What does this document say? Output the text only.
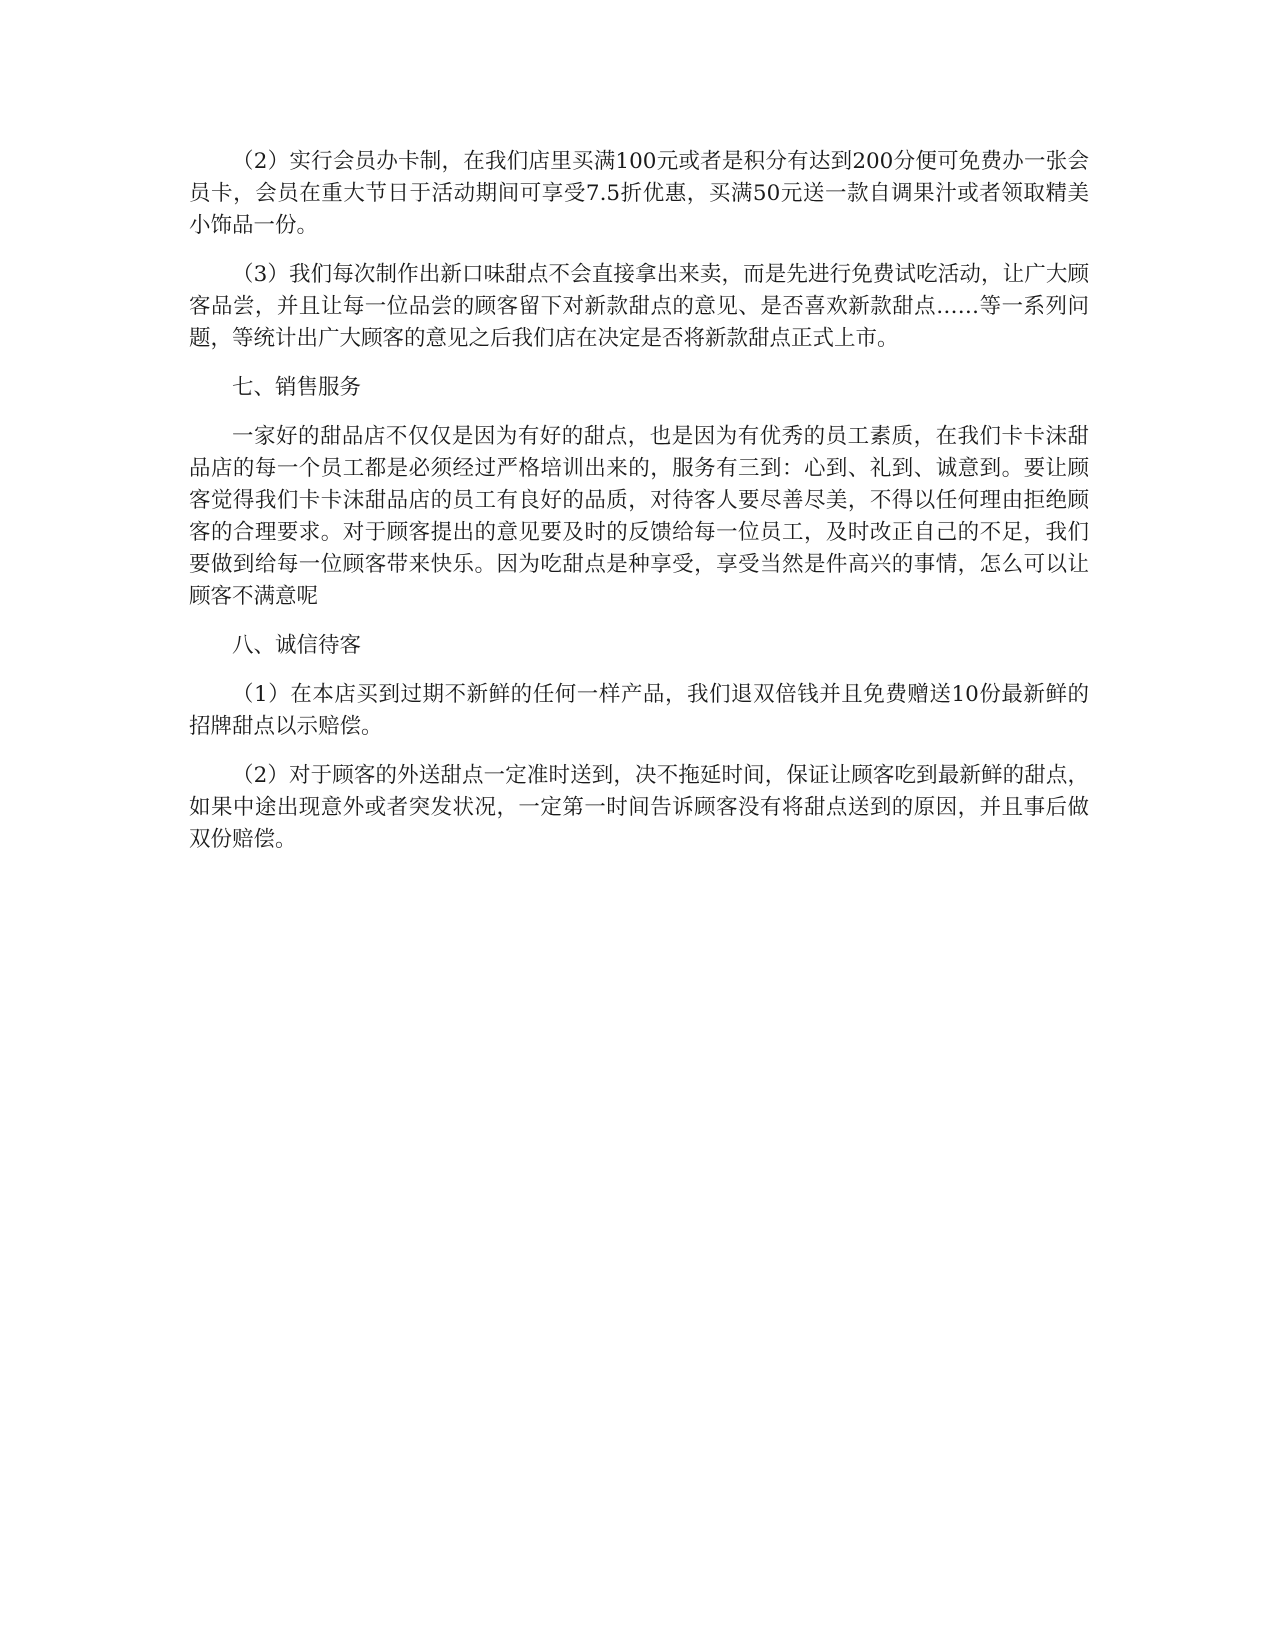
（2）实行会员办卡制，在我们店里买满100元或者是积分有达到200分便可免费办一张会员卡，会员在重大节日于活动期间可享受7.5折优惠，买满50元送一款自调果汁或者领取精美小饰品一份。

（3）我们每次制作出新口味甜点不会直接拿出来卖，而是先进行免费试吃活动，让广大顾客品尝，并且让每一位品尝的顾客留下对新款甜点的意见、是否喜欢新款甜点……等一系列问题，等统计出广大顾客的意见之后我们店在决定是否将新款甜点正式上市。

七、销售服务

一家好的甜品店不仅仅是因为有好的甜点，也是因为有优秀的员工素质，在我们卡卡沫甜品店的每一个员工都是必须经过严格培训出来的，服务有三到：心到、礼到、诚意到。要让顾客觉得我们卡卡沫甜品店的员工有良好的品质，对待客人要尽善尽美，不得以任何理由拒绝顾客的合理要求。对于顾客提出的意见要及时的反馈给每一位员工，及时改正自己的不足，我们要做到给每一位顾客带来快乐。因为吃甜点是种享受，享受当然是件高兴的事情，怎么可以让顾客不满意呢

八、诚信待客

（1）在本店买到过期不新鲜的任何一样产品，我们退双倍钱并且免费赠送10份最新鲜的招牌甜点以示赔偿。

（2）对于顾客的外送甜点一定准时送到，决不拖延时间，保证让顾客吃到最新鲜的甜点，如果中途出现意外或者突发状况，一定第一时间告诉顾客没有将甜点送到的原因，并且事后做双份赔偿。
